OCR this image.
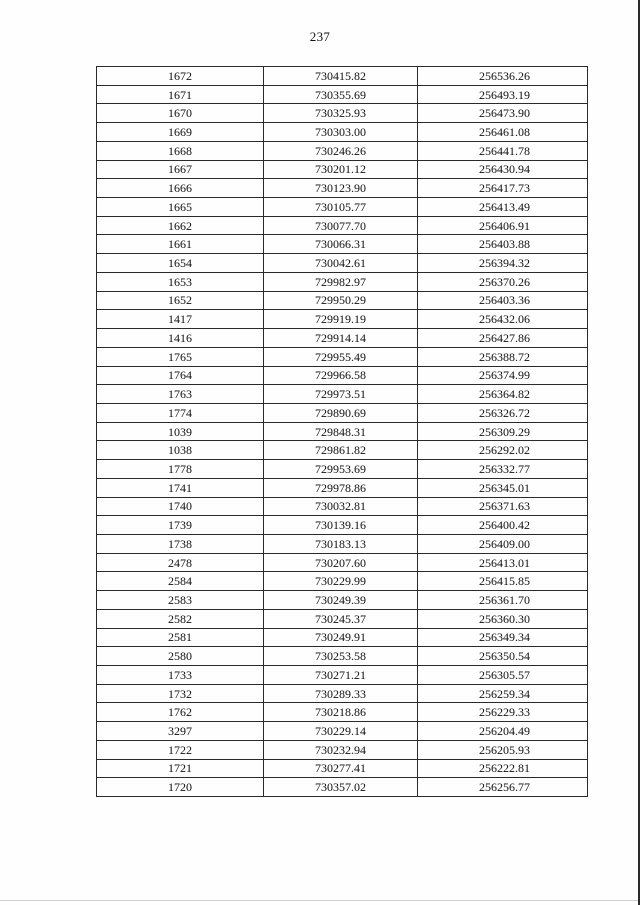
237
1672	730415.82	256536.26
1671	730355.69	256493.19
1670	730325.93	256473.90
1669	730303.00	256461.08
1668	730246.26	256441.78
1667	730201.12	256430.94
1666	730123.90	256417.73
1665	730105.77	256413.49
1662	730077.70	256406.91
1661	730066.31	256403.88
1654	730042.61	256394.32
1653	729982.97	256370.26
1652	729950.29	256403.36
1417	729919.19	256432.06
1416	729914.14	256427.86
1765	729955.49	256388.72
1764	729966.58	256374.99
1763	729973.51	256364.82
1774	729890.69	256326.72
1039	729848.31	256309.29
1038	729861.82	256292.02
1778	729953.69	256332.77
1741	729978.86	256345.01
1740	730032.81	256371.63
1739	730139.16	256400.42
1738	730183.13	256409.00
2478	730207.60	256413.01
2584	730229.99	256415.85
2583	730249.39	256361.70
2582	730245.37	256360.30
2581	730249.91	256349.34
2580	730253.58	256350.54
1733	730271.21	256305.57
1732	730289.33	256259.34
1762	730218.86	256229.33
3297	730229.14	256204.49
1722	730232.94	256205.93
1721	730277.41	256222.81
1720	730357.02	256256.77
